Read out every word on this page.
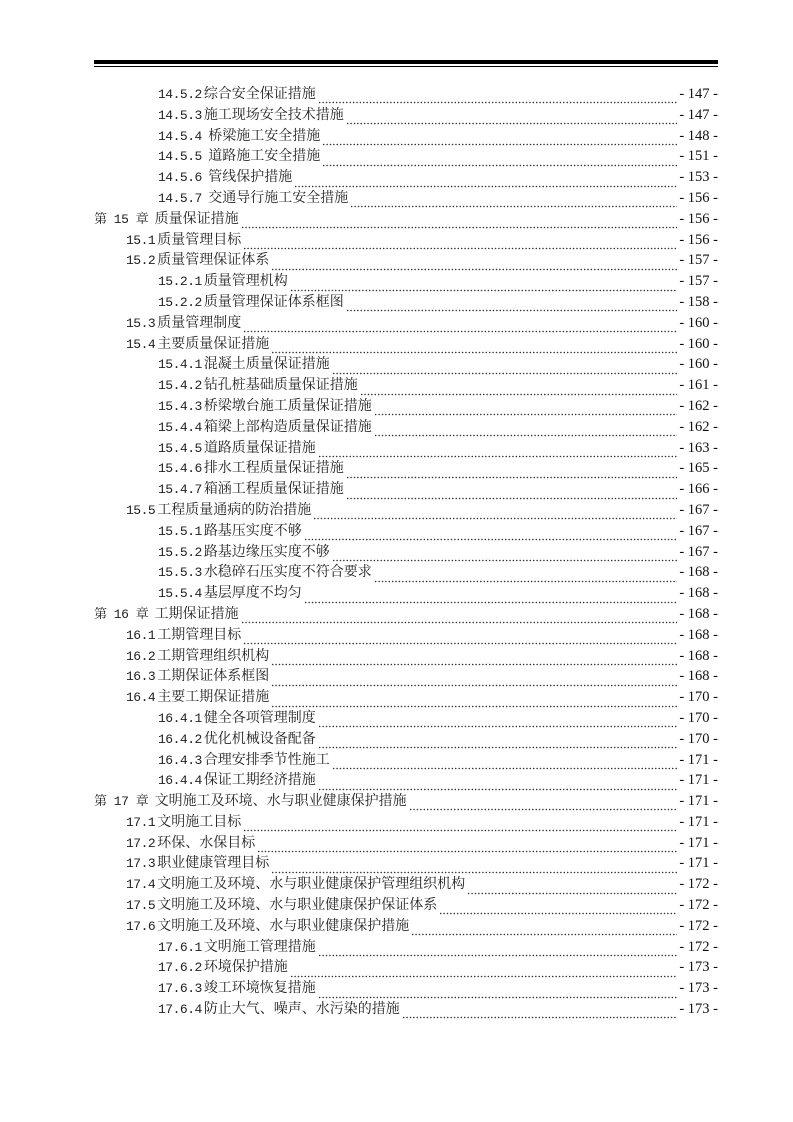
14.5.2 综合安全保证措施	- 147 -
14.5.3 施工现场安全技术措施	- 147 -
14.5.4 桥梁施工安全措施	- 148 -
14.5.5 道路施工安全措施	- 151 -
14.5.6 管线保护措施	- 153 -
14.5.7 交通导行施工安全措施	- 156 -
第 15 章 质量保证措施	- 156 -
15.1 质量管理目标	- 156 -
15.2 质量管理保证体系	- 157 -
15.2.1 质量管理机构	- 157 -
15.2.2 质量管理保证体系框图	- 158 -
15.3 质量管理制度	- 160 -
15.4 主要质量保证措施	- 160 -
15.4.1 混凝土质量保证措施	- 160 -
15.4.2 钻孔桩基础质量保证措施	- 161 -
15.4.3 桥梁墩台施工质量保证措施	- 162 -
15.4.4 箱梁上部构造质量保证措施	- 162 -
15.4.5 道路质量保证措施	- 163 -
15.4.6 排水工程质量保证措施	- 165 -
15.4.7 箱涵工程质量保证措施	- 166 -
15.5 工程质量通病的防治措施	- 167 -
15.5.1 路基压实度不够	- 167 -
15.5.2 路基边缘压实度不够	- 167 -
15.5.3 水稳碎石压实度不符合要求	- 168 -
15.5.4 基层厚度不均匀	- 168 -
第 16 章 工期保证措施	- 168 -
16.1 工期管理目标	- 168 -
16.2 工期管理组织机构	- 168 -
16.3 工期保证体系框图	- 168 -
16.4 主要工期保证措施	- 170 -
16.4.1 健全各项管理制度	- 170 -
16.4.2 优化机械设备配备	- 170 -
16.4.3 合理安排季节性施工	- 171 -
16.4.4 保证工期经济措施	- 171 -
第 17 章 文明施工及环境、水与职业健康保护措施	- 171 -
17.1 文明施工目标	- 171 -
17.2 环保、水保目标	- 171 -
17.3 职业健康管理目标	- 171 -
17.4 文明施工及环境、水与职业健康保护管理组织机构	- 172 -
17.5 文明施工及环境、水与职业健康保护保证体系	- 172 -
17.6 文明施工及环境、水与职业健康保护措施	- 172 -
17.6.1 文明施工管理措施	- 172 -
17.6.2 环境保护措施	- 173 -
17.6.3 竣工环境恢复措施	- 173 -
17.6.4 防止大气、噪声、水污染的措施	- 173 -
